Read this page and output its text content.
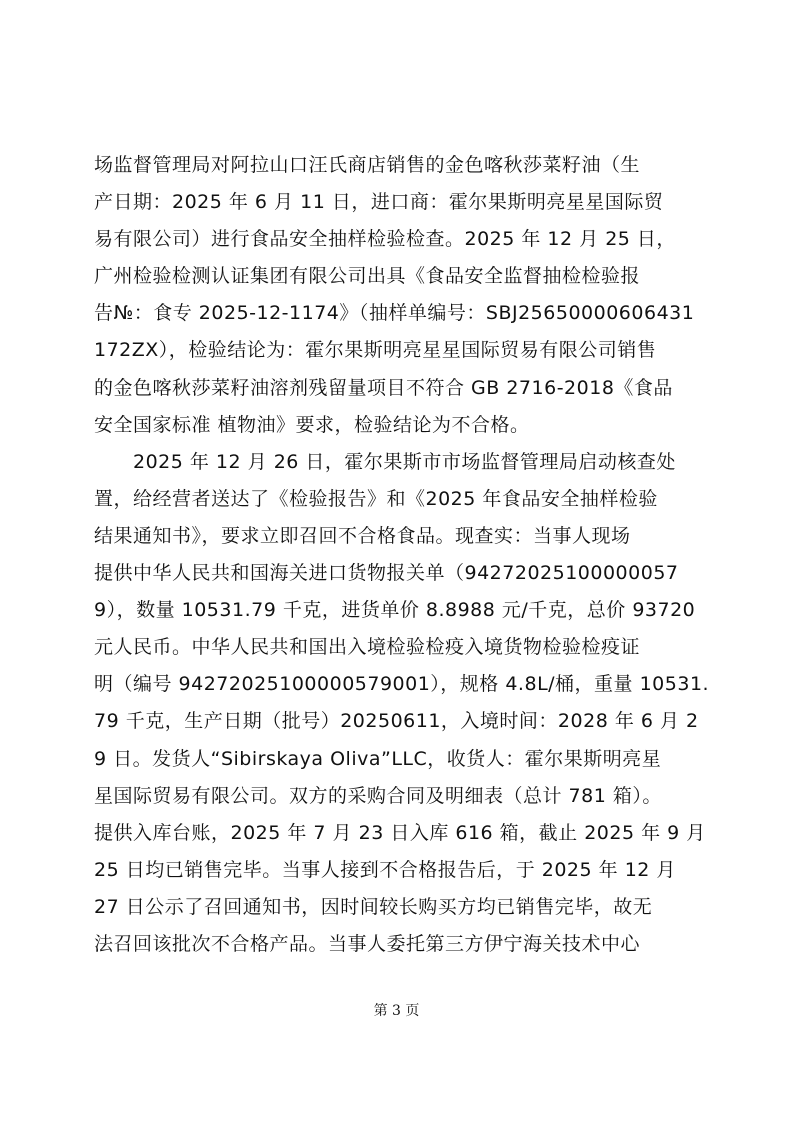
场监督管理局对阿拉山口汪氏商店销售的金色喀秋莎菜籽油（生
产日期：2025 年 6 月 11 日，进口商：霍尔果斯明亮星星国际贸
易有限公司）进行食品安全抽样检验检查。2025 年 12 月 25 日，
广州检验检测认证集团有限公司出具《食品安全监督抽检检验报
告№：食专 2025-12-1174》（抽样单编号：SBJ25650000606431
172ZX），检验结论为：霍尔果斯明亮星星国际贸易有限公司销售
的金色喀秋莎菜籽油溶剂残留量项目不符合 GB 2716-2018《食品
安全国家标准 植物油》要求，检验结论为不合格。
　　2025 年 12 月 26 日，霍尔果斯市市场监督管理局启动核查处
置，给经营者送达了《检验报告》和《2025 年食品安全抽样检验
结果通知书》，要求立即召回不合格食品。现查实：当事人现场
提供中华人民共和国海关进口货物报关单（94272025100000057
9），数量 10531.79 千克，进货单价 8.8988 元/千克，总价 93720
元人民币。中华人民共和国出入境检验检疫入境货物检验检疫证
明（编号 94272025100000579001），规格 4.8L/桶，重量 10531.
79 千克，生产日期（批号）20250611，入境时间：2028 年 6 月 2
9 日。发货人“Sibirskaya Oliva”LLC，收货人：霍尔果斯明亮星
星国际贸易有限公司。双方的采购合同及明细表（总计 781 箱）。
提供入库台账，2025 年 7 月 23 日入库 616 箱，截止 2025 年 9 月
25 日均已销售完毕。当事人接到不合格报告后，于 2025 年 12 月
27 日公示了召回通知书，因时间较长购买方均已销售完毕，故无
法召回该批次不合格产品。当事人委托第三方伊宁海关技术中心
第 3 页
